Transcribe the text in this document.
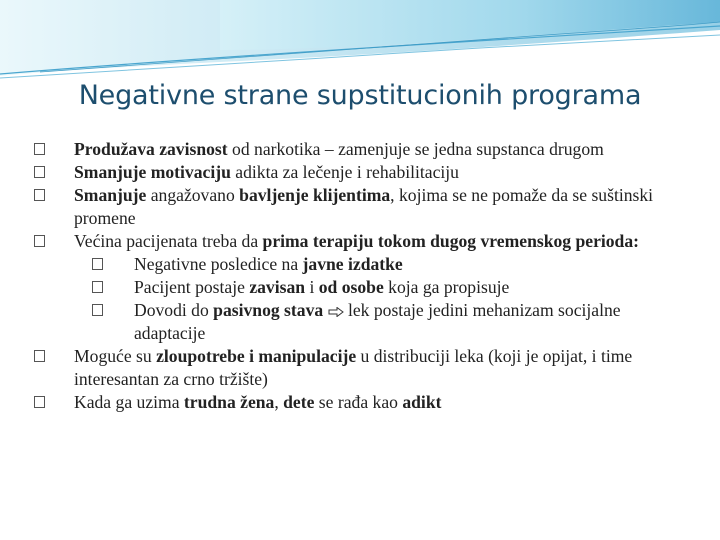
Negativne strane supstitucionih programa
Produžava zavisnost od narkotika – zamenjuje se jedna supstanca drugom
Smanjuje motivaciju adikta za lečenje i rehabilitaciju
Smanjuje angažovano bavljenje klijentima, kojima se ne pomaže da se suštinski promene
Većina pacijenata treba da prima terapiju tokom dugog vremenskog perioda:
Negativne posledice na javne izdatke
Pacijent postaje zavisan i od osobe koja ga propisuje
Dovodi do pasivnog stava  lek postaje jedini mehanizam socijalne adaptacije
Moguće su zloupotrebe i manipulacije u distribuciji leka (koji je opijat, i time interesantan za crno tržište)
Kada ga uzima trudna žena, dete se rađa kao adikt
